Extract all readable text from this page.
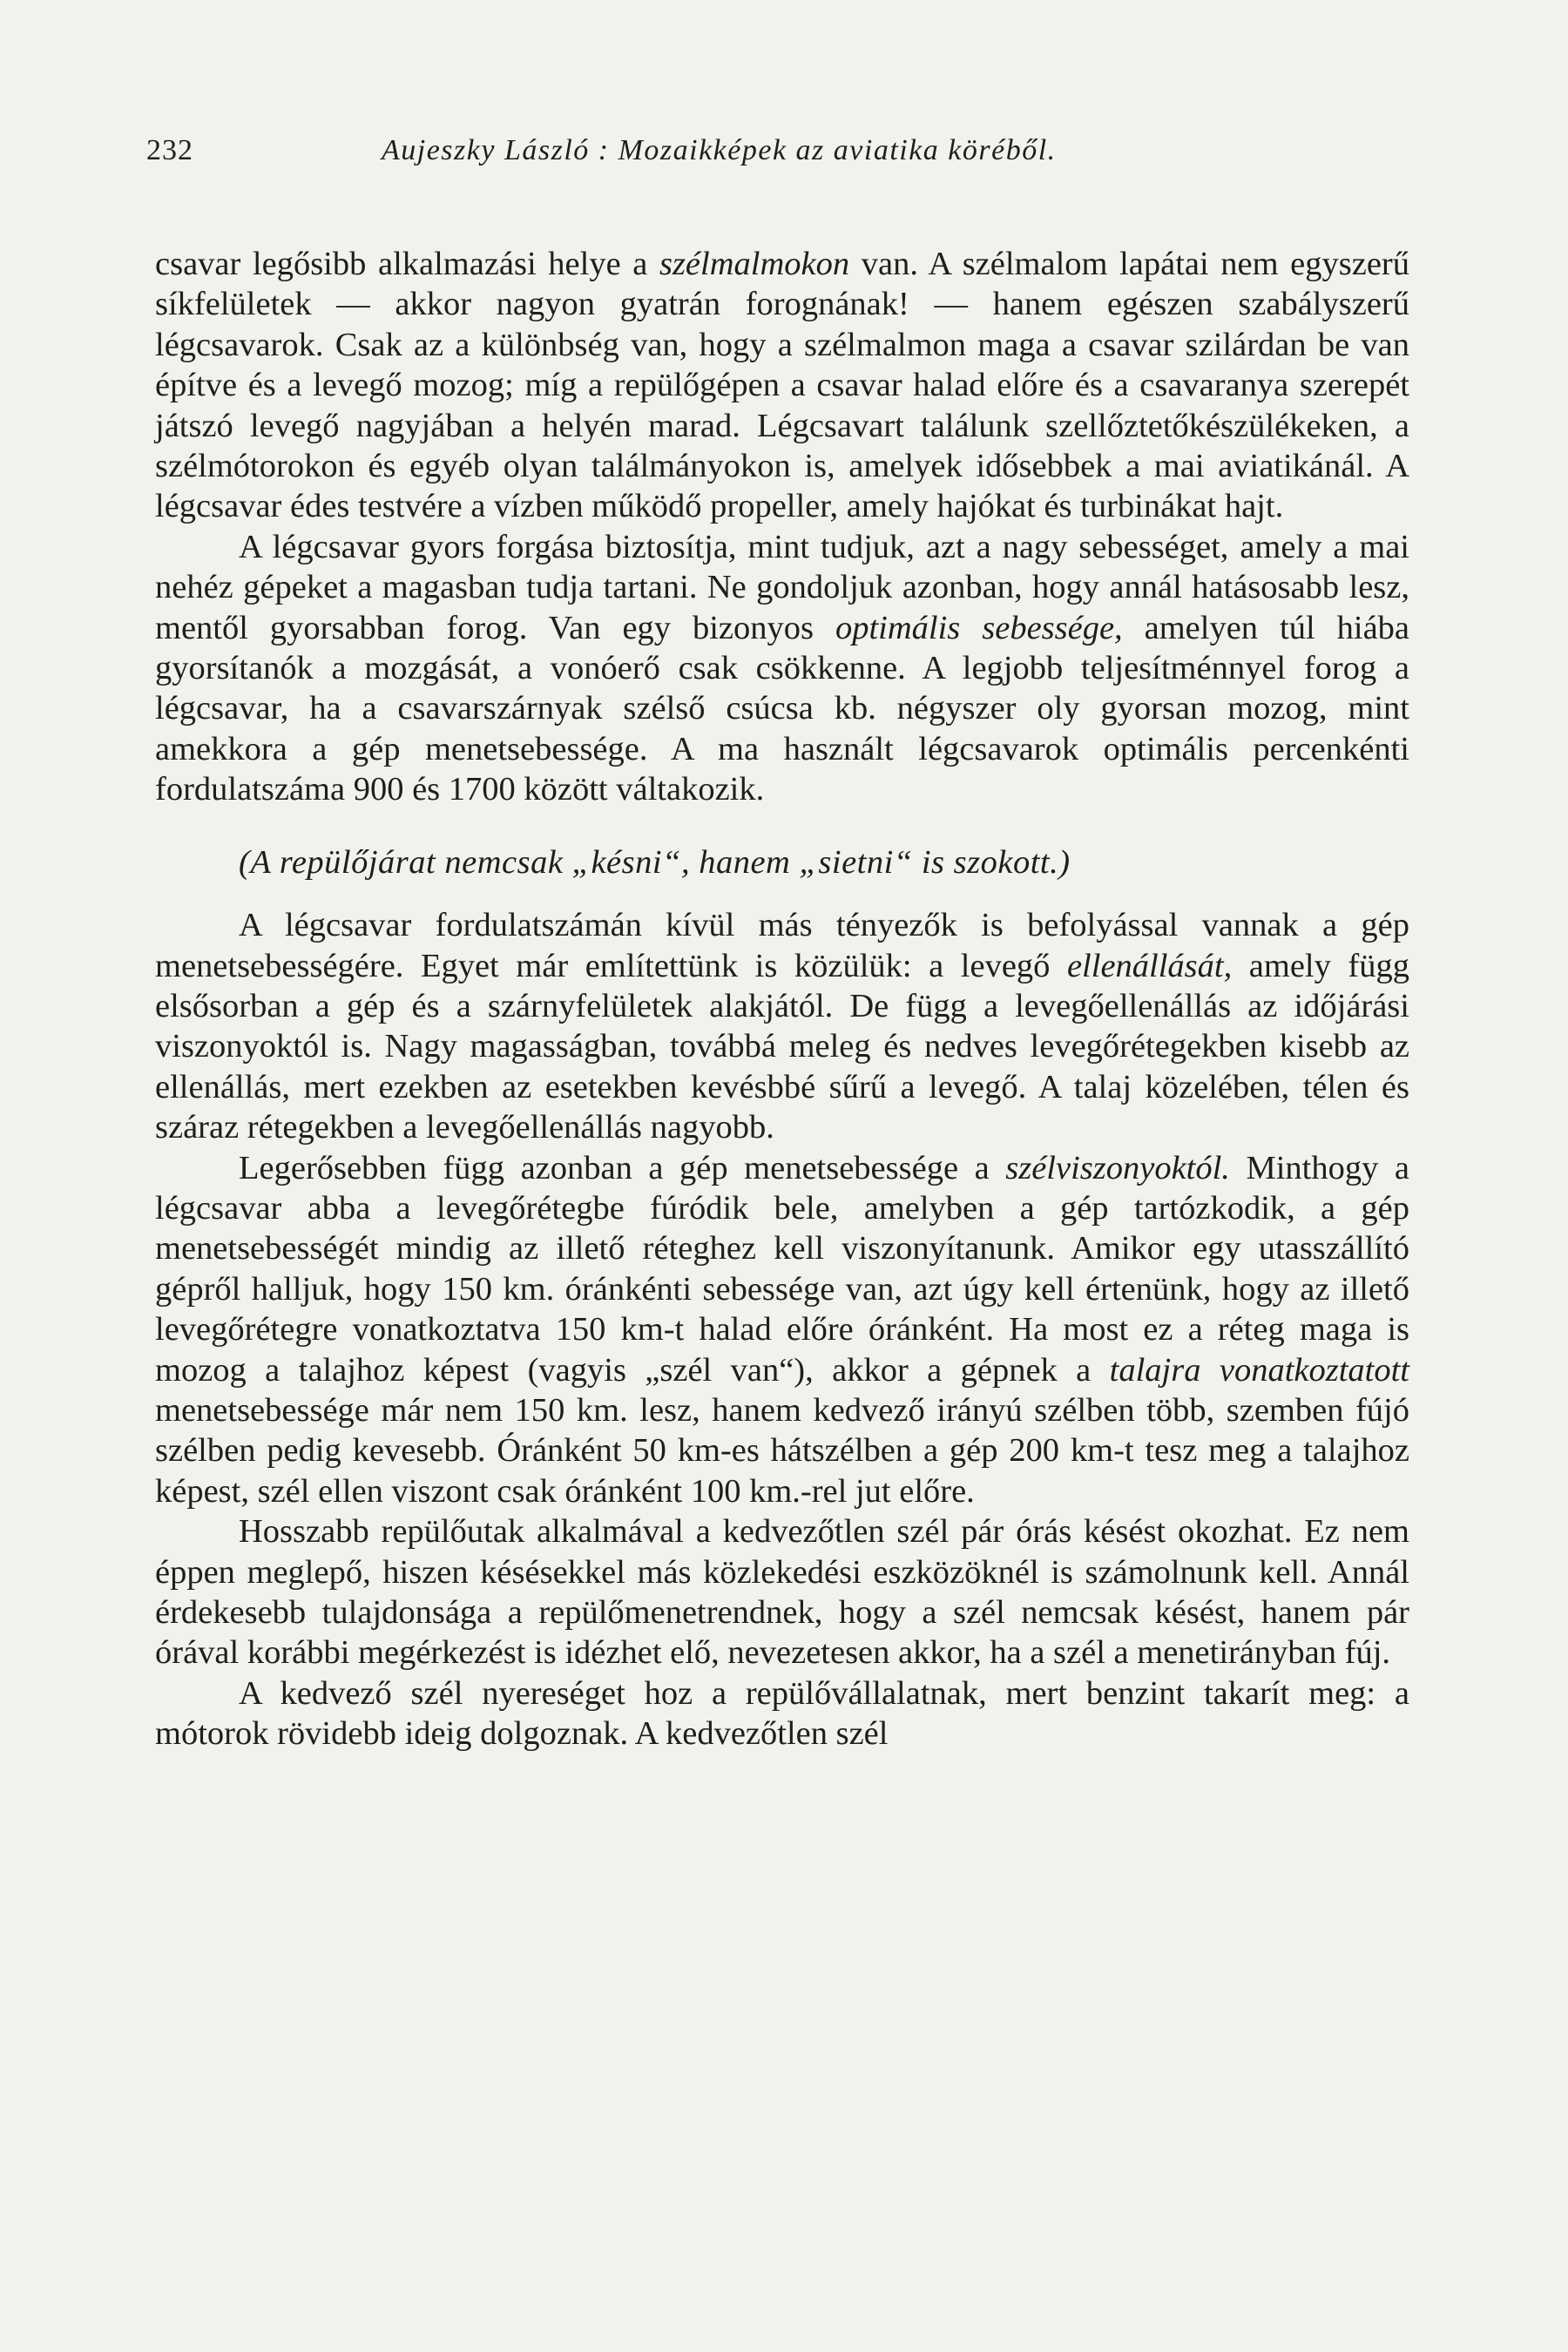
232	Aujeszky László : Mozaikképek az aviatika köréből.

csavar legősibb alkalmazási helye a szélmalmokon van. A szélmalom lapátai nem egyszerű síkfelületek — akkor nagyon gyatrán forognának! — hanem egészen szabályszerű légcsavarok. Csak az a különbség van, hogy a szélmalmon maga a csavar szilárdan be van építve és a levegő mozog; míg a repülőgépen a csavar halad előre és a csavaranya szerepét játszó levegő nagyjában a helyén marad. Légcsavart találunk szellőztetőkészülékeken, a szélmótorokon és egyéb olyan találmányokon is, amelyek idősebbek a mai aviatikánál. A légcsavar édes testvére a vízben működő propeller, amely hajókat és turbinákat hajt.

A légcsavar gyors forgása biztosítja, mint tudjuk, azt a nagy sebességet, amely a mai nehéz gépeket a magasban tudja tartani. Ne gondoljuk azonban, hogy annál hatásosabb lesz, mentől gyorsabban forog. Van egy bizonyos optimális sebessége, amelyen túl hiába gyorsítanók a mozgását, a vonóerő csak csökkenne. A legjobb teljesítménnyel forog a légcsavar, ha a csavarszárnyak szélső csúcsa kb. négyszer oly gyorsan mozog, mint amekkora a gép menetsebessége. A ma használt légcsavarok optimális percenkénti fordulatszáma 900 és 1700 között váltakozik.

(A repülőjárat nemcsak „késni“, hanem „sietni“ is szokott.)

A légcsavar fordulatszámán kívül más tényezők is befolyással vannak a gép menetsebességére. Egyet már említettünk is közülük: a levegő ellenállását, amely függ elsősorban a gép és a szárnyfelületek alakjától. De függ a levegőellenállás az időjárási viszonyoktól is. Nagy magasságban, továbbá meleg és nedves levegőrétegekben kisebb az ellenállás, mert ezekben az esetekben kevésbbé sűrű a levegő. A talaj közelében, télen és száraz rétegekben a levegőellenállás nagyobb.

Legerősebben függ azonban a gép menetsebessége a szélviszonyoktól. Minthogy a légcsavar abba a levegőrétegbe fúródik bele, amelyben a gép tartózkodik, a gép menetsebességét mindig az illető réteghez kell viszonyítanunk. Amikor egy utasszállító gépről halljuk, hogy 150 km. óránkénti sebessége van, azt úgy kell értenünk, hogy az illető levegőrétegre vonatkoztatva 150 km-t halad előre óránként. Ha most ez a réteg maga is mozog a talajhoz képest (vagyis „szél van“), akkor a gépnek a talajra vonatkoztatott menetsebessége már nem 150 km. lesz, hanem kedvező irányú szélben több, szemben fújó szélben pedig kevesebb. Óránként 50 km-es hátszélben a gép 200 km-t tesz meg a talajhoz képest, szél ellen viszont csak óránként 100 km.-rel jut előre.

Hosszabb repülőutak alkalmával a kedvezőtlen szél pár órás késést okozhat. Ez nem éppen meglepő, hiszen késésekkel más közlekedési eszközöknél is számolnunk kell. Annál érdekesebb tulajdonsága a repülőmenetrendnek, hogy a szél nemcsak késést, hanem pár órával korábbi megérkezést is idézhet elő, nevezetesen akkor, ha a szél a menetirányban fúj.

A kedvező szél nyereséget hoz a repülővállalatnak, mert benzint takarít meg: a mótorok rövidebb ideig dolgoznak. A kedvezőtlen szél
